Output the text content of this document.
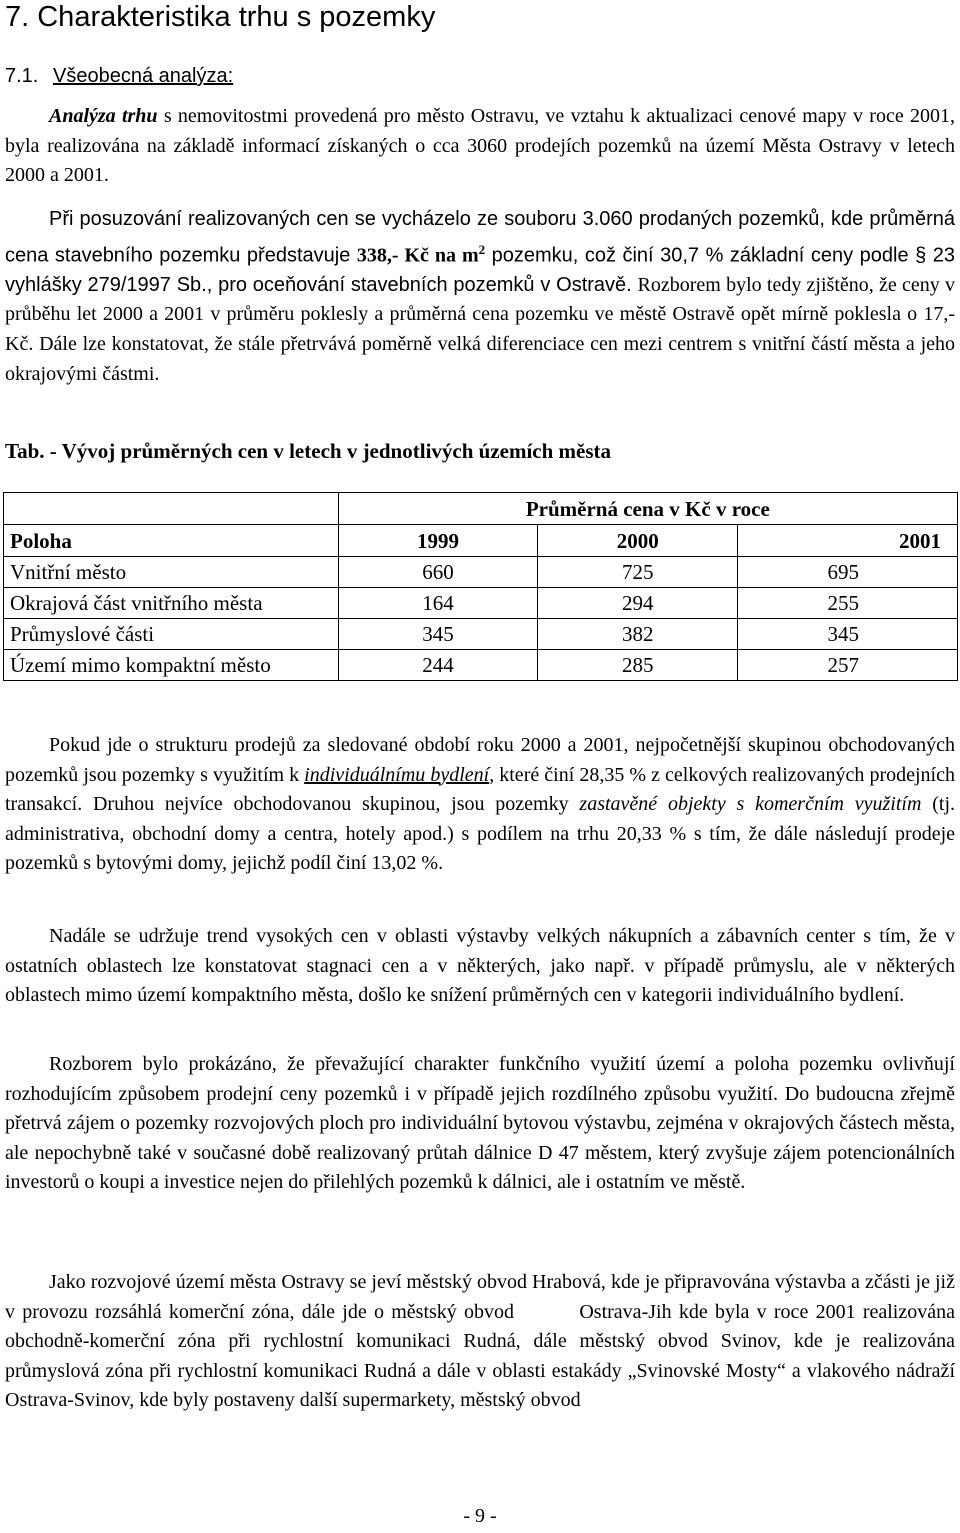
7. Charakteristika trhu s pozemky
7.1. Všeobecná analýza:

Analýza trhu s nemovitostmi provedená pro město Ostravu, ve vztahu k aktualizaci cenové mapy v roce 2001, byla realizována na základě informací získaných o cca 3060 prodejích pozemků na území Města Ostravy v letech 2000 a 2001.

Při posuzování realizovaných cen se vycházelo ze souboru 3.060 prodaných pozemků, kde průměrná cena stavebního pozemku představuje 338,- Kč na $m^2$ pozemku, což činí 30,7 % základní ceny podle § 23 vyhlášky 279/1997 Sb., pro oceňování stavebních pozemků v Ostravě. Rozborem bylo tedy zjištěno, že ceny v průběhu let 2000 a 2001 v průměru poklesly a průměrná cena pozemku ve městě Ostravě opět mírně poklesla o 17,- Kč. Dále lze konstatovat, že stále přetrvává poměrně velká diferenciace cen mezi centrem s vnitřní částí města a jeho okrajovými částmi.

Tab. - Vývoj průměrných cen v letech v jednotlivých územích města
	Průměrná cena v Kč v roce		
Poloha	1999	2000	2001
Vnitřní město	660	725	695
Okrajová část vnitřního města	164	294	255
Průmyslové části	345	382	345
Území mimo kompaktní město	244	285	257

Pokud jde o strukturu prodejů za sledované období roku 2000 a 2001, nejpočetnější skupinou obchodovaných pozemků jsou pozemky s využitím k individuálnímu bydlení, které činí 28,35 % z celkových realizovaných prodejních transakcí. Druhou nejvíce obchodovanou skupinou, jsou pozemky zastavěné objekty s komerčním využitím (tj. administrativa, obchodní domy a centra, hotely apod.) s podílem na trhu 20,33 % s tím, že dále následují prodeje pozemků s bytovými domy, jejichž podíl činí 13,02 %.

Nadále se udržuje trend vysokých cen v oblasti výstavby velkých nákupních a zábavních center s tím, že v ostatních oblastech lze konstatovat stagnaci cen a v některých, jako např. v případě průmyslu, ale v některých oblastech mimo území kompaktního města, došlo ke snížení průměrných cen v kategorii individuálního bydlení.

Rozborem bylo prokázáno, že převažující charakter funkčního využití území a poloha pozemku ovlivňují rozhodujícím způsobem prodejní ceny pozemků i v případě jejich rozdílného způsobu využití. Do budoucna zřejmě přetrvá zájem o pozemky rozvojových ploch pro individuální bytovou výstavbu, zejména v okrajových částech města, ale nepochybně také v současné době realizovaný průtah dálnice D 47 městem, který zvyšuje zájem potencionálních investorů o koupi a investice nejen do přilehlých pozemků k dálnici, ale i ostatním ve městě.

Jako rozvojové území města Ostravy se jeví městský obvod Hrabová, kde je připravována výstavba a zčásti je již v provozu rozsáhlá komerční zóna, dále jde o městský obvod         Ostrava-Jih kde byla v roce 2001 realizována obchodně-komerční zóna při rychlostní komunikaci Rudná, dále městský obvod Svinov, kde je realizována průmyslová zóna při rychlostní komunikaci Rudná a dále v oblasti estakády „Svinovské Mosty“ a vlakového nádraží Ostrava-Svinov, kde byly postaveny další supermarkety, městský obvod

- 9 -
